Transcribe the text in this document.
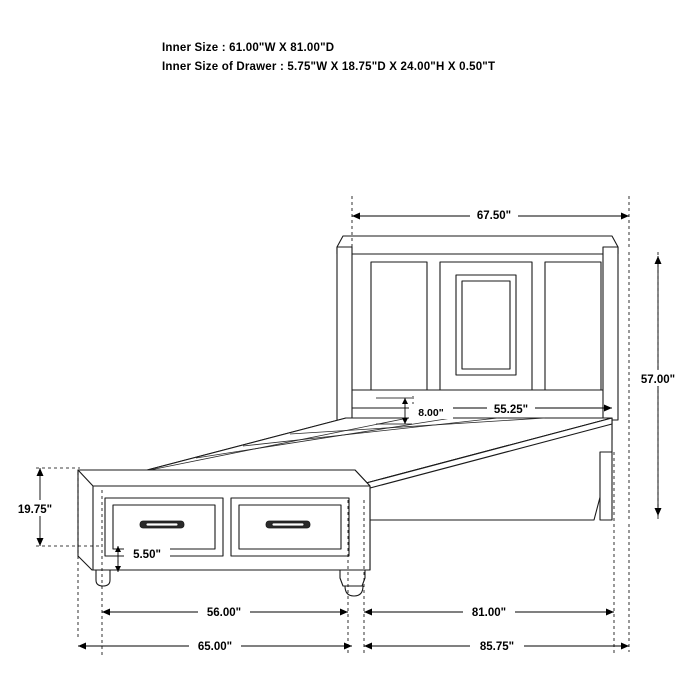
Inner Size : 61.00"W X 81.00"D
Inner Size of Drawer : 5.75"W X 18.75"D X 24.00"H X 0.50"T
67.50"
57.00"
55.25"
8.00"
19.75"
5.50"
56.00"	81.00"
65.00"	85.75"
